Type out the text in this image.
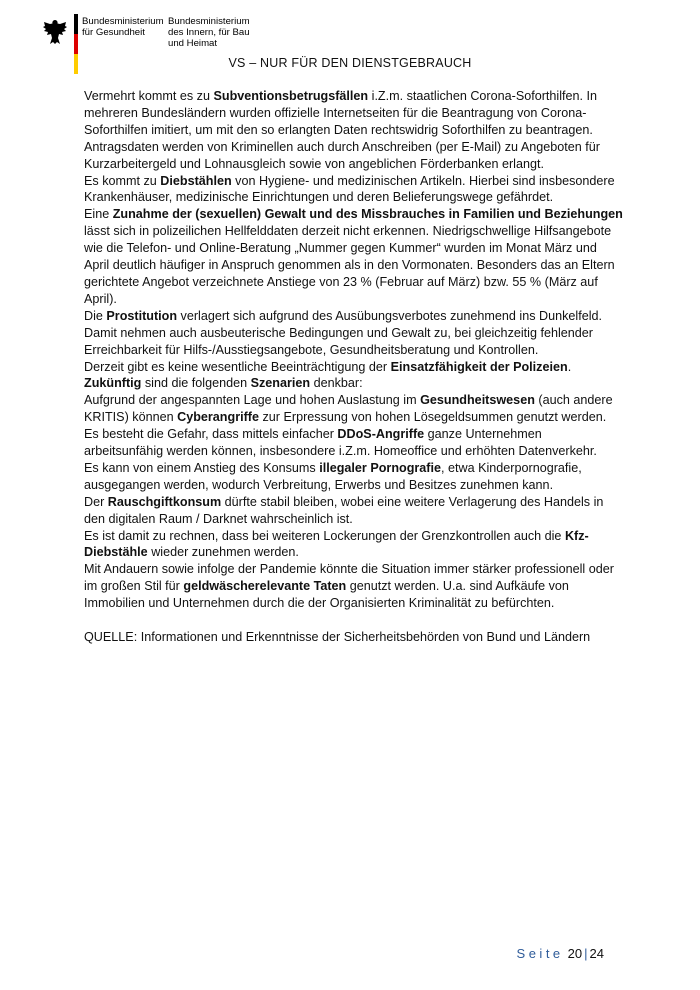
Bundesministerium
für Gesundheit
Bundesministerium
des Innern, für Bau
und Heimat
VS – NUR FÜR DEN DIENSTGEBRAUCH

Vermehrt kommt es zu Subventionsbetrugsfällen i.Z.m. staatlichen Corona-Soforthilfen. In mehreren Bundesländern wurden offizielle Internetseiten für die Beantragung von Corona-Soforthilfen imitiert, um mit den so erlangten Daten rechtswidrig Soforthilfen zu beantragen. Antragsdaten werden von Kriminellen auch durch Anschreiben (per E-Mail) zu Angeboten für Kurzarbeitergeld und Lohnausgleich sowie von angeblichen Förderbanken erlangt.

Es kommt zu Diebstählen von Hygiene- und medizinischen Artikeln. Hierbei sind insbesondere Krankenhäuser, medizinische Einrichtungen und deren Belieferungswege gefährdet.

Eine Zunahme der (sexuellen) Gewalt und des Missbrauches in Familien und Beziehungen lässt sich in polizeilichen Hellfelddaten derzeit nicht erkennen. Niedrigschwellige Hilfsangebote wie die Telefon- und Online-Beratung „Nummer gegen Kummer“ wurden im Monat März und April deutlich häufiger in Anspruch genommen als in den Vormonaten. Besonders das an Eltern gerichtete Angebot verzeichnete Anstiege von 23 % (Februar auf März) bzw. 55 % (März auf April).

Die Prostitution verlagert sich aufgrund des Ausübungsverbotes zunehmend ins Dunkelfeld. Damit nehmen auch ausbeuterische Bedingungen und Gewalt zu, bei gleichzeitig fehlender Erreichbarkeit für Hilfs-/Ausstiegsangebote, Gesundheitsberatung und Kontrollen.

Derzeit gibt es keine wesentliche Beeinträchtigung der Einsatzfähigkeit der Polizeien.

Zukünftig sind die folgenden Szenarien denkbar:

Aufgrund der angespannten Lage und hohen Auslastung im Gesundheitswesen (auch andere KRITIS) können Cyberangriffe zur Erpressung von hohen Lösegeldsummen genutzt werden.

Es besteht die Gefahr, dass mittels einfacher DDoS-Angriffe ganze Unternehmen arbeitsunfähig werden können, insbesondere i.Z.m. Homeoffice und erhöhten Datenverkehr.

Es kann von einem Anstieg des Konsums illegaler Pornografie, etwa Kinderpornografie, ausgegangen werden, wodurch Verbreitung, Erwerbs und Besitzes zunehmen kann.

Der Rauschgiftkonsum dürfte stabil bleiben, wobei eine weitere Verlagerung des Handels in den digitalen Raum / Darknet wahrscheinlich ist.

Es ist damit zu rechnen, dass bei weiteren Lockerungen der Grenzkontrollen auch die Kfz-Diebstähle wieder zunehmen werden.

Mit Andauern sowie infolge der Pandemie könnte die Situation immer stärker professionell oder im großen Stil für geldwäscherelevante Taten genutzt werden. U.a. sind Aufkäufe von Immobilien und Unternehmen durch die der Organisierten Kriminalität zu befürchten.

QUELLE: Informationen und Erkenntnisse der Sicherheitsbehörden von Bund und Ländern

Seite 20 | 24
